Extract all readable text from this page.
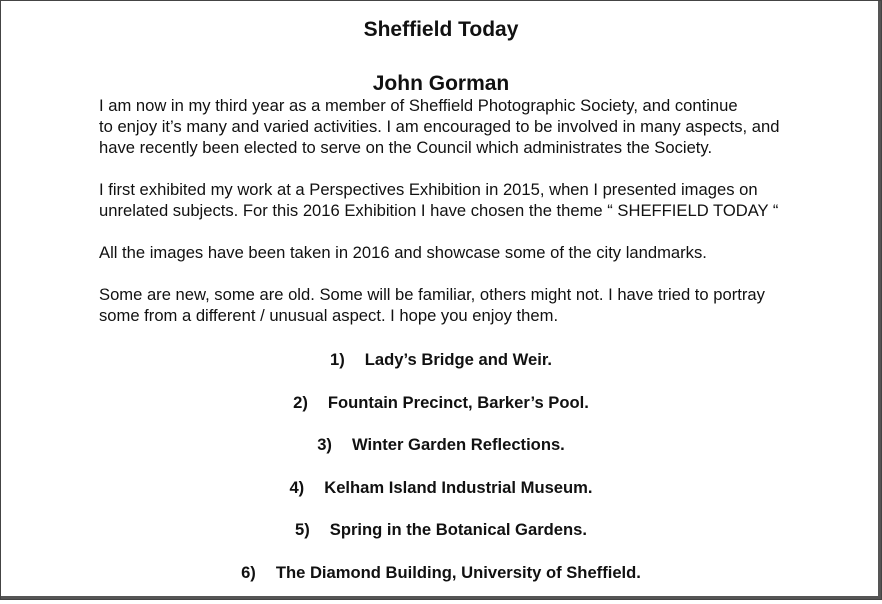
Sheffield Today
John Gorman

I am now in my third year as a member of Sheffield Photographic Society, and continue
to enjoy it’s many and varied activities. I am encouraged to be involved in many aspects, and
have recently been elected to serve on the Council which administrates the Society.

I first exhibited my work at a Perspectives Exhibition in 2015, when I presented images on
unrelated subjects. For this 2016 Exhibition I have chosen the theme “ SHEFFIELD TODAY “

All the images have been taken in 2016 and showcase some of the city landmarks.

Some are new, some are old. Some will be familiar, others might not. I have tried to portray
some from a different / unusual aspect. I hope you enjoy them.

1) Lady’s Bridge and Weir.
2) Fountain Precinct, Barker’s Pool.
3) Winter Garden Reflections.
4) Kelham Island Industrial Museum.
5) Spring in the Botanical Gardens.
6) The Diamond Building, University of Sheffield.
